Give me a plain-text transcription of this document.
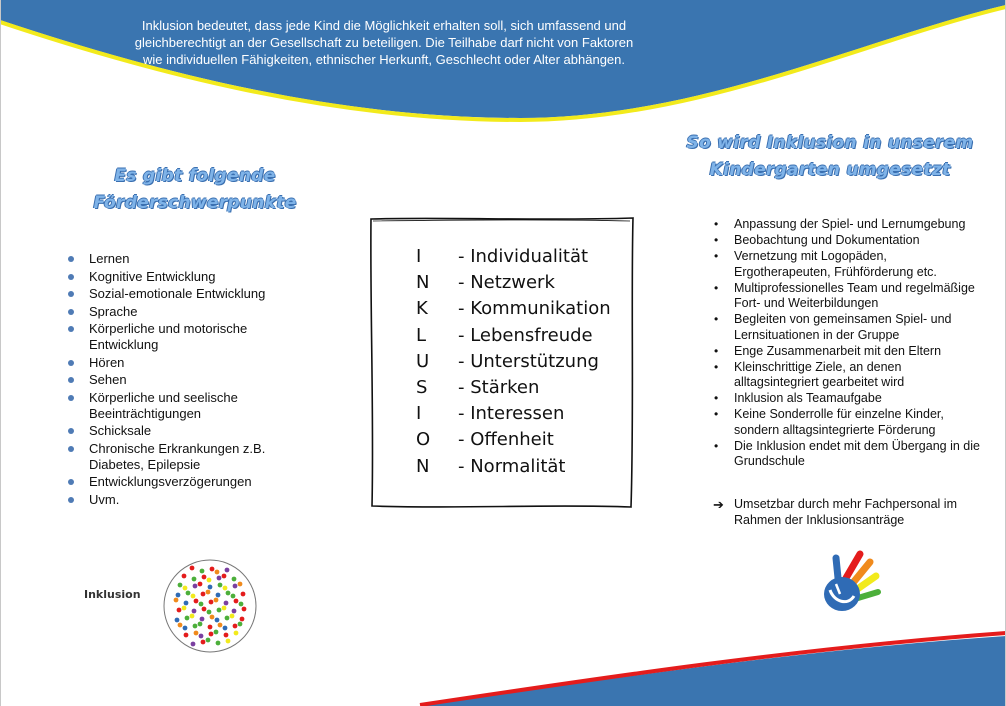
Inklusion bedeutet, dass jede Kind die Möglichkeit erhalten soll, sich umfassend und gleichberechtigt an der Gesellschaft zu beteiligen. Die Teilhabe darf nicht von Faktoren wie individuellen Fähigkeiten, ethnischer Herkunft, Geschlecht oder Alter abhängen.
Es gibt folgende Förderschwerpunkte
Lernen
Kognitive Entwicklung
Sozial-emotionale Entwicklung
Sprache
Körperliche und motorische Entwicklung
Hören
Sehen
Körperliche und seelische Beeinträchtigungen
Schicksale
Chronische Erkrankungen z.B. Diabetes, Epilepsie
Entwicklungsverzögerungen
Uvm.
Inklusion
I	- Individualität
N	- Netzwerk
K	- Kommunikation
L	- Lebensfreude
U	- Unterstützung
S	- Stärken
I	- Interessen
O	- Offenheit
N	- Normalität
So wird Inklusion in unserem Kindergarten umgesetzt
• Anpassung der Spiel- und Lernumgebung
• Beobachtung und Dokumentation
• Vernetzung mit Logopäden, Ergotherapeuten, Frühförderung etc.
• Multiprofessionelles Team und regelmäßige Fort- und Weiterbildungen
• Begleiten von gemeinsamen Spiel- und Lernsituationen in der Gruppe
• Enge Zusammenarbeit mit den Eltern
• Kleinschrittige Ziele, an denen alltagsintegriert gearbeitet wird
• Inklusion als Teamaufgabe
• Keine Sonderrolle für einzelne Kinder, sondern alltagsintegrierte Förderung
• Die Inklusion endet mit dem Übergang in die Grundschule
➔ Umsetzbar durch mehr Fachpersonal im Rahmen der Inklusionsanträge
